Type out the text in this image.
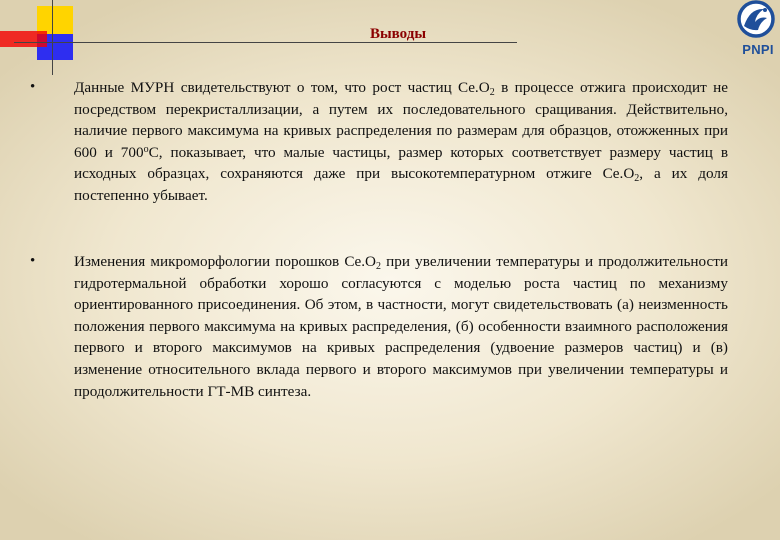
Выводы
PNPI
•	Данные МУРН свидетельствуют о том, что рост частиц $Ce.O_2$ в процессе отжига происходит не посредством перекристаллизации, а путем их последовательного сращивания. Действительно, наличие первого максимума на кривых распределения по размерам для образцов, отожженных при 600 и 700$^o$С, показывает, что малые частицы, размер которых соответствует размеру частиц в исходных образцах, сохраняются даже при высокотемпературном отжиге $Ce.O_2$, а их доля постепенно убывает.

•	Изменения микроморфологии порошков $Ce.O_2$ при увеличении температуры и продолжительности гидротермальной обработки хорошо согласуются с моделью роста частиц по механизму ориентированного присоединения. Об этом, в частности, могут свидетельствовать (а) неизменность положения первого максимума на кривых распределения, (б) особенности взаимного расположения первого и второго максимумов на кривых распределения (удвоение размеров частиц) и (в) изменение относительного вклада первого и второго максимумов при увеличении температуры и продолжительности ГТ-МВ синтеза.
